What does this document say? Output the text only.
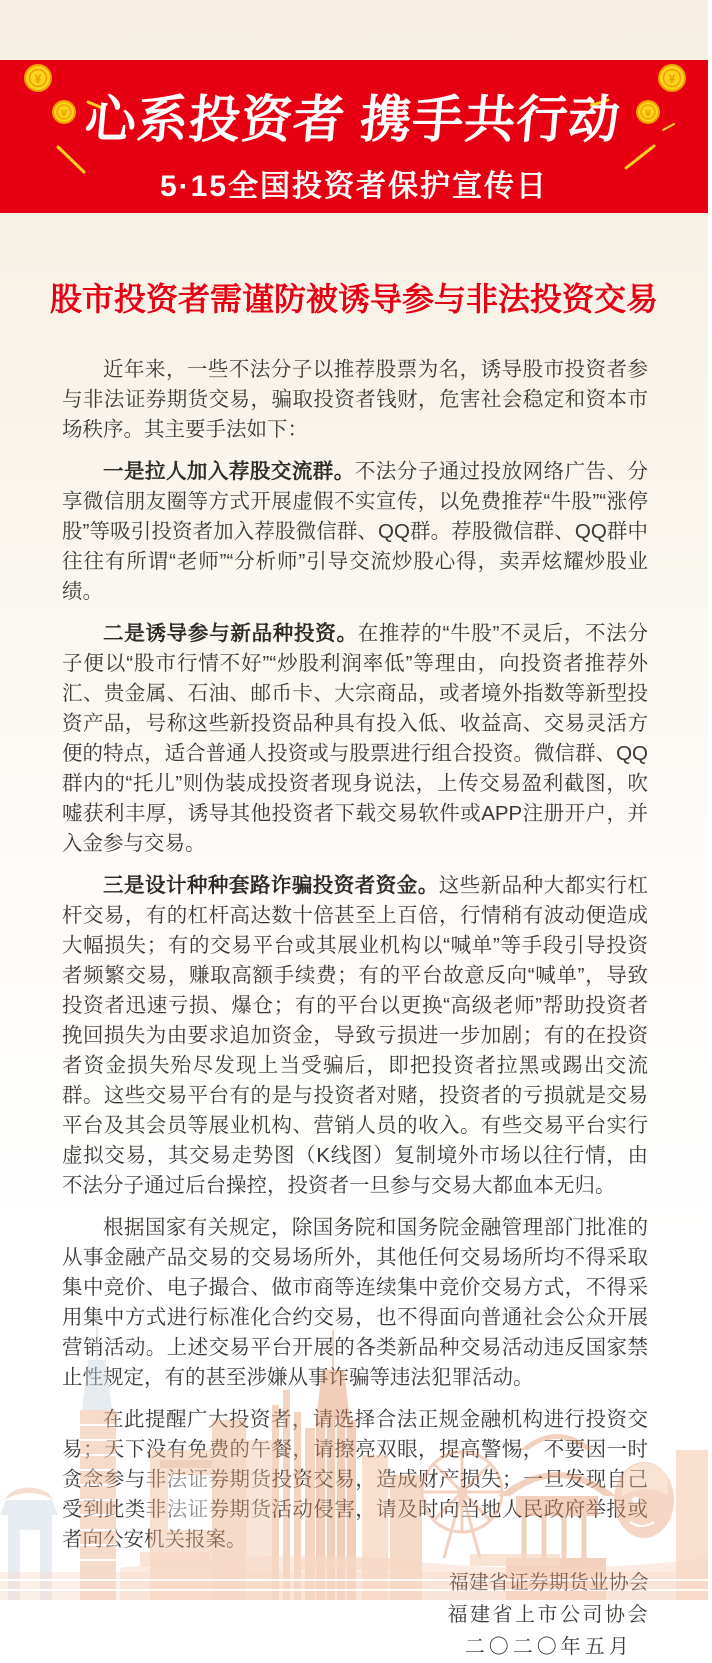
¥
¥
¥
¥
心系投资者 携手共行动
5·15全国投资者保护宣传日
股市投资者需谨防被诱导参与非法投资交易

近年来，一些不法分子以推荐股票为名，诱导股市投资者参与非法证券期货交易，骗取投资者钱财，危害社会稳定和资本市场秩序。其主要手法如下：

一是拉人加入荐股交流群。不法分子通过投放网络广告、分享微信朋友圈等方式开展虚假不实宣传，以免费推荐“牛股”“涨停股”等吸引投资者加入荐股微信群、QQ群。荐股微信群、QQ群中往往有所谓“老师”“分析师”引导交流炒股心得，卖弄炫耀炒股业绩。

二是诱导参与新品种投资。在推荐的“牛股”不灵后，不法分子便以“股市行情不好”“炒股利润率低”等理由，向投资者推荐外汇、贵金属、石油、邮币卡、大宗商品，或者境外指数等新型投资产品，号称这些新投资品种具有投入低、收益高、交易灵活方便的特点，适合普通人投资或与股票进行组合投资。微信群、QQ群内的“托儿”则伪装成投资者现身说法，上传交易盈利截图，吹嘘获利丰厚，诱导其他投资者下载交易软件或APP注册开户，并入金参与交易。

三是设计种种套路诈骗投资者资金。这些新品种大都实行杠杆交易，有的杠杆高达数十倍甚至上百倍，行情稍有波动便造成大幅损失；有的交易平台或其展业机构以“喊单”等手段引导投资者频繁交易，赚取高额手续费；有的平台故意反向“喊单”，导致投资者迅速亏损、爆仓；有的平台以更换“高级老师”帮助投资者挽回损失为由要求追加资金，导致亏损进一步加剧；有的在投资者资金损失殆尽发现上当受骗后，即把投资者拉黑或踢出交流群。这些交易平台有的是与投资者对赌，投资者的亏损就是交易平台及其会员等展业机构、营销人员的收入。有些交易平台实行虚拟交易，其交易走势图（K线图）复制境外市场以往行情，由不法分子通过后台操控，投资者一旦参与交易大都血本无归。

根据国家有关规定，除国务院和国务院金融管理部门批准的从事金融产品交易的交易场所外，其他任何交易场所均不得采取集中竞价、电子撮合、做市商等连续集中竞价交易方式，不得采用集中方式进行标准化合约交易，也不得面向普通社会公众开展营销活动。上述交易平台开展的各类新品种交易活动违反国家禁止性规定，有的甚至涉嫌从事诈骗等违法犯罪活动。

在此提醒广大投资者，请选择合法正规金融机构进行投资交易；天下没有免费的午餐，请擦亮双眼，提高警惕，不要因一时贪念参与非法证券期货投资交易，造成财产损失；一旦发现自己受到此类非法证券期货活动侵害，请及时向当地人民政府举报或者向公安机关报案。

福建省证券期货业协会
福建省上市公司协会
二〇二〇年五月
